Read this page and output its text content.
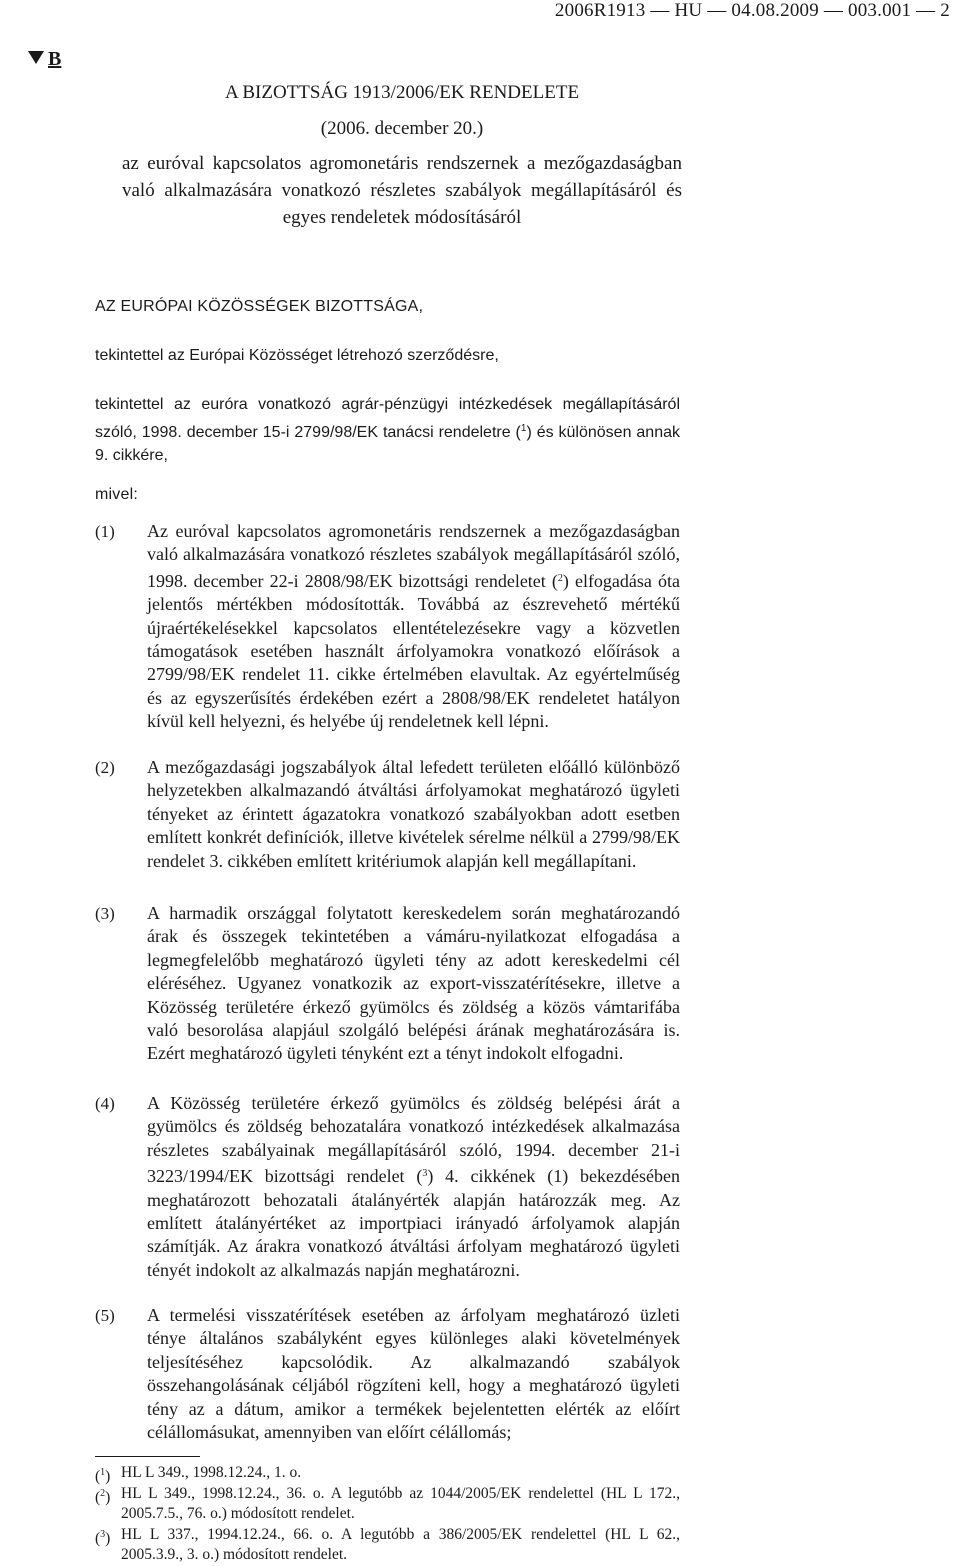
2006R1913 — HU — 04.08.2009 — 003.001 — 2
B
A BIZOTTSÁG 1913/2006/EK RENDELETE
(2006. december 20.)
az euróval kapcsolatos agromonetáris rendszernek a mezőgazdaságban való alkalmazására vonatkozó részletes szabályok megállapításáról és egyes rendeletek módosításáról
AZ EURÓPAI KÖZÖSSÉGEK BIZOTTSÁGA,

tekintettel az Európai Közösséget létrehozó szerződésre,

tekintettel az euróra vonatkozó agrár-pénzügyi intézkedések megállapításáról szóló, 1998. december 15-i 2799/98/EK tanácsi rendeletre ($^1$) és különösen annak 9. cikkére,

mivel:
(1) Az euróval kapcsolatos agromonetáris rendszernek a mezőgazdaságban való alkalmazására vonatkozó részletes szabályok megállapításáról szóló, 1998. december 22-i 2808/98/EK bizottsági rendeletet ($^2$) elfogadása óta jelentős mértékben módosították. Továbbá az észrevehető mértékű újraértékelésekkel kapcsolatos ellentételezésekre vagy a közvetlen támogatások esetében használt árfolyamokra vonatkozó előírások a 2799/98/EK rendelet 11. cikke értelmében elavultak. Az egyértelműség és az egyszerűsítés érdekében ezért a 2808/98/EK rendeletet hatályon kívül kell helyezni, és helyébe új rendeletnek kell lépni.
(2) A mezőgazdasági jogszabályok által lefedett területen előálló különböző helyzetekben alkalmazandó átváltási árfolyamokat meghatározó ügyleti tényeket az érintett ágazatokra vonatkozó szabályokban adott esetben említett konkrét definíciók, illetve kivételek sérelme nélkül a 2799/98/EK rendelet 3. cikkében említett kritériumok alapján kell megállapítani.
(3) A harmadik országgal folytatott kereskedelem során meghatározandó árak és összegek tekintetében a vámáru-nyilatkozat elfogadása a legmegfelelőbb meghatározó ügyleti tény az adott kereskedelmi cél eléréséhez. Ugyanez vonatkozik az export-visszatérítésekre, illetve a Közösség területére érkező gyümölcs és zöldség a közös vámtarifába való besorolása alapjául szolgáló belépési árának meghatározására is. Ezért meghatározó ügyleti tényként ezt a tényt indokolt elfogadni.
(4) A Közösség területére érkező gyümölcs és zöldség belépési árát a gyümölcs és zöldség behozatalára vonatkozó intézkedések alkalmazása részletes szabályainak megállapításáról szóló, 1994. december 21-i 3223/1994/EK bizottsági rendelet ($^3$) 4. cikkének (1) bekezdésében meghatározott behozatali átalányérték alapján határozzák meg. Az említett átalányértéket az importpiaci irányadó árfolyamok alapján számítják. Az árakra vonatkozó átváltási árfolyam meghatározó ügyleti tényét indokolt az alkalmazás napján meghatározni.
(5) A termelési visszatérítések esetében az árfolyam meghatározó üzleti ténye általános szabályként egyes különleges alaki követelmények teljesítéséhez kapcsolódik. Az alkalmazandó szabályok összehangolásának céljából rögzíteni kell, hogy a meghatározó ügyleti tény az a dátum, amikor a termékek bejelentetten elérték az előírt célállomásukat, amennyiben van előírt célállomás;
($^1$) HL L 349., 1998.12.24., 1. o.
($^2$) HL L 349., 1998.12.24., 36. o. A legutóbb az 1044/2005/EK rendelettel (HL L 172., 2005.7.5., 76. o.) módosított rendelet.
($^3$) HL L 337., 1994.12.24., 66. o. A legutóbb a 386/2005/EK rendelettel (HL L 62., 2005.3.9., 3. o.) módosított rendelet.
